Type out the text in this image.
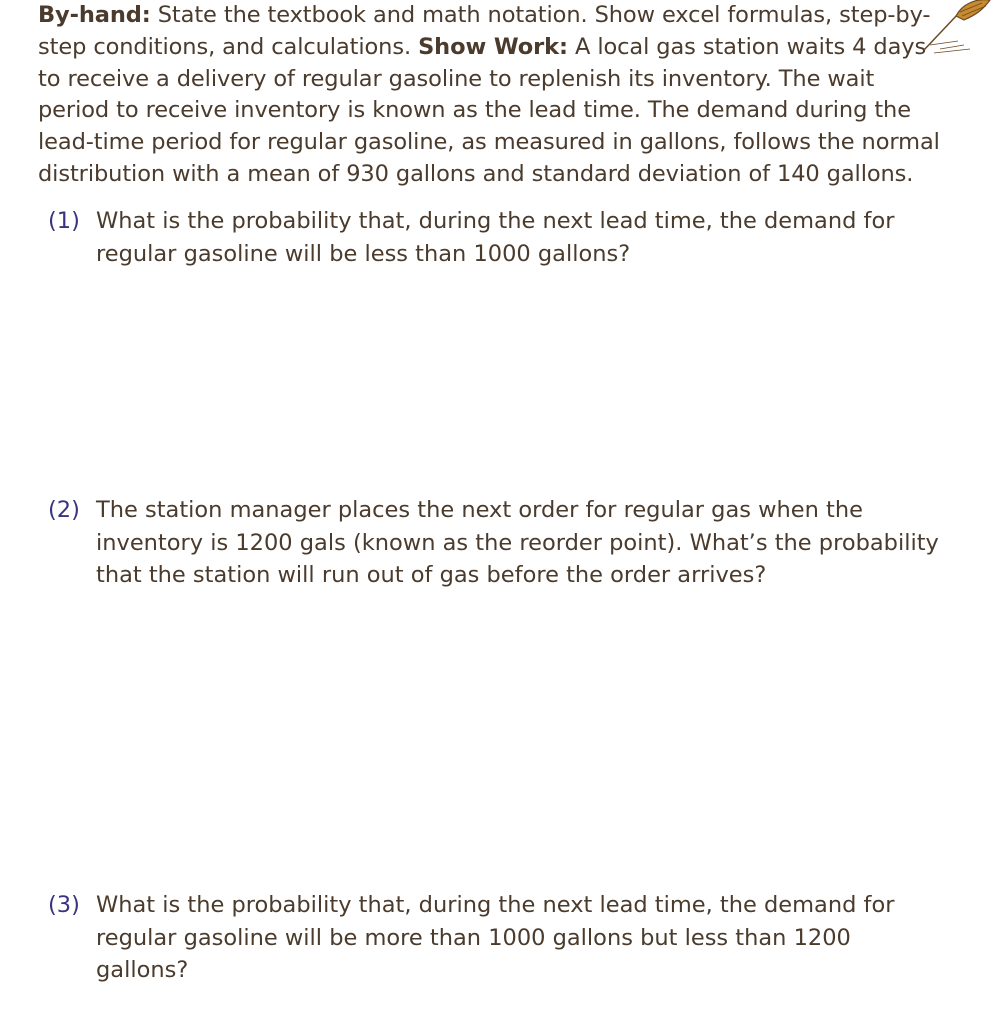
By-hand: State the textbook and math notation. Show excel formulas, step-by-step conditions, and calculations. Show Work: A local gas station waits 4 days to receive a delivery of regular gasoline to replenish its inventory. The wait period to receive inventory is known as the lead time. The demand during the lead-time period for regular gasoline, as measured in gallons, follows the normal distribution with a mean of 930 gallons and standard deviation of 140 gallons.
(1) What is the probability that, during the next lead time, the demand for regular gasoline will be less than 1000 gallons?
(2) The station manager places the next order for regular gas when the inventory is 1200 gals (known as the reorder point). What’s the probability that the station will run out of gas before the order arrives?
(3) What is the probability that, during the next lead time, the demand for regular gasoline will be more than 1000 gallons but less than 1200 gallons?
